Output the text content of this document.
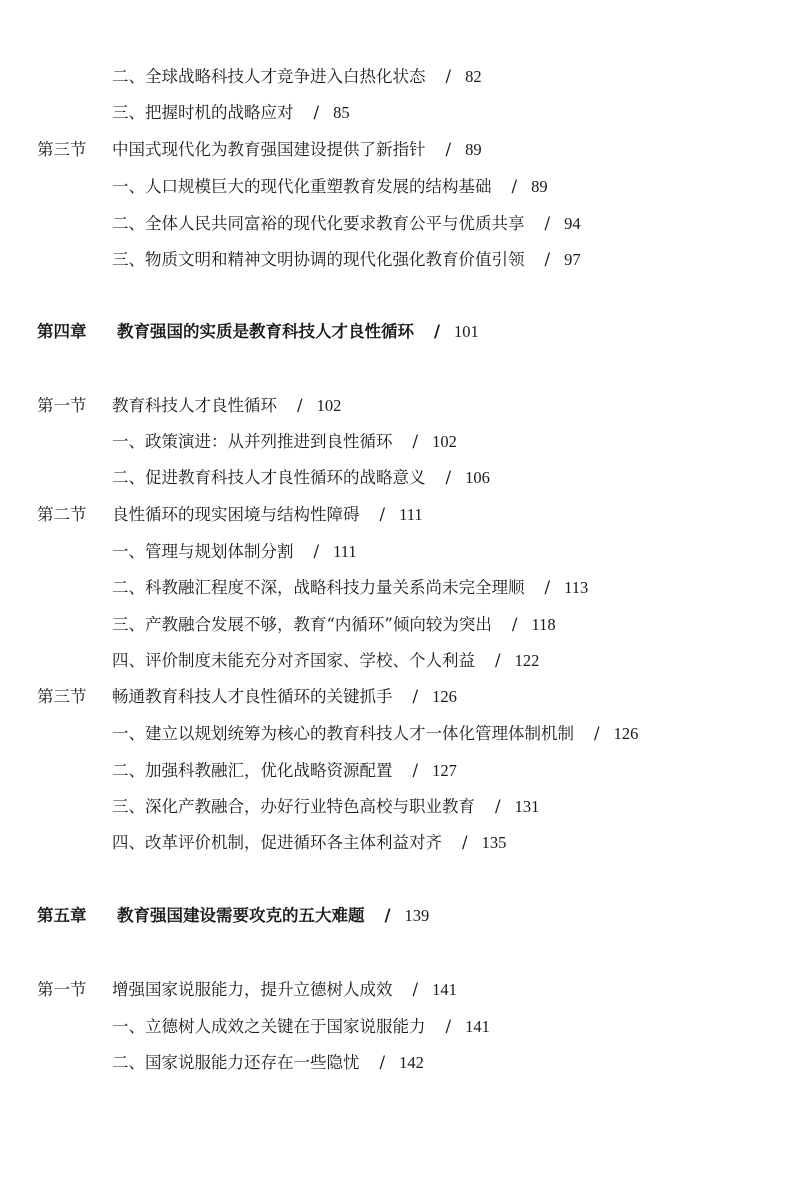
二、全球战略科技人才竞争进入白热化状态 / 82
三、把握时机的战略应对 / 85
第三节 中国式现代化为教育强国建设提供了新指针 / 89
一、人口规模巨大的现代化重塑教育发展的结构基础 / 89
二、全体人民共同富裕的现代化要求教育公平与优质共享 / 94
三、物质文明和精神文明协调的现代化强化教育价值引领 / 97
第四章 教育强国的实质是教育科技人才良性循环 / 101
第一节 教育科技人才良性循环 / 102
一、政策演进：从并列推进到良性循环 / 102
二、促进教育科技人才良性循环的战略意义 / 106
第二节 良性循环的现实困境与结构性障碍 / 111
一、管理与规划体制分割 / 111
二、科教融汇程度不深，战略科技力量关系尚未完全理顺 / 113
三、产教融合发展不够，教育“内循环”倾向较为突出 / 118
四、评价制度未能充分对齐国家、学校、个人利益 / 122
第三节 畅通教育科技人才良性循环的关键抓手 / 126
一、建立以规划统筹为核心的教育科技人才一体化管理体制机制 / 126
二、加强科教融汇，优化战略资源配置 / 127
三、深化产教融合，办好行业特色高校与职业教育 / 131
四、改革评价机制，促进循环各主体利益对齐 / 135
第五章 教育强国建设需要攻克的五大难题 / 139
第一节 增强国家说服能力，提升立德树人成效 / 141
一、立德树人成效之关键在于国家说服能力 / 141
二、国家说服能力还存在一些隐忧 / 142
